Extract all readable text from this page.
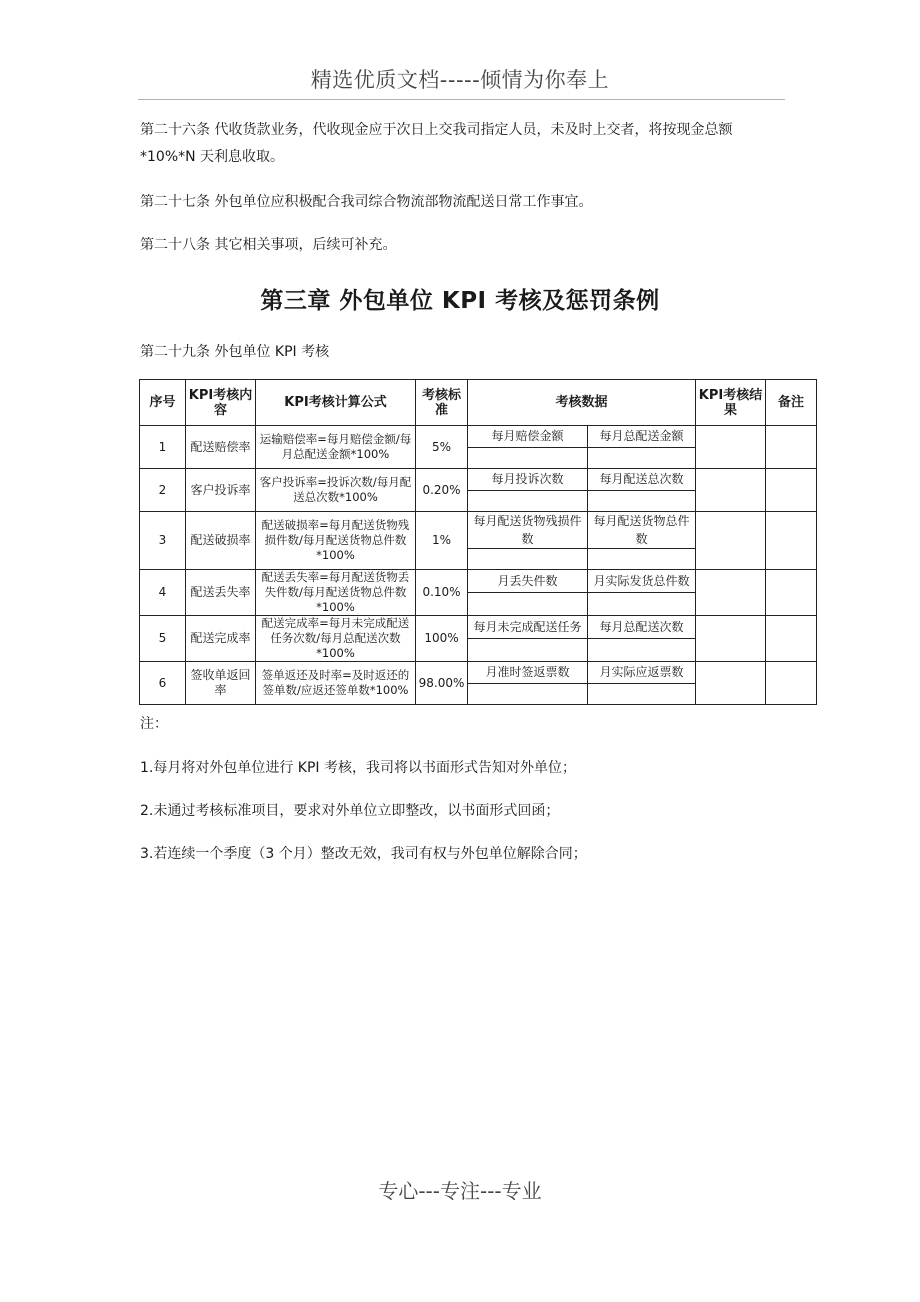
精选优质文档-----倾情为你奉上
第二十六条 代收货款业务，代收现金应于次日上交我司指定人员，未及时上交者，将按现金总额*10%*N 天利息收取。
第二十七条 外包单位应积极配合我司综合物流部物流配送日常工作事宜。
第二十八条 其它相关事项，后续可补充。
第三章 外包单位 KPI 考核及惩罚条例
第二十九条 外包单位 KPI 考核
序号	KPI考核内容	KPI考核计算公式	考核标准	考核数据		KPI考核结果	备注
1	配送赔偿率	运输赔偿率=每月赔偿金额/每月总配送金额*100%	5%	每月赔偿金额	每月总配送金额		

2	客户投诉率	客户投诉率=投诉次数/每月配送总次数*100%	0.20%	每月投诉次数	每月配送总次数		

3	配送破损率	配送破损率=每月配送货物残损件数/每月配送货物总件数*100%	1%	每月配送货物残损件数	每月配送货物总件数		

4	配送丢失率	配送丢失率=每月配送货物丢失件数/每月配送货物总件数*100%	0.10%	月丢失件数	月实际发货总件数		

5	配送完成率	配送完成率=每月未完成配送任务次数/每月总配送次数*100%	100%	每月未完成配送任务	每月总配送次数		

6	签收单返回率	签单返还及时率=及时返还的签单数/应返还签单数*100%	98.00%	月准时签返票数	月实际应返票数		

注：
1.每月将对外包单位进行 KPI 考核，我司将以书面形式告知对外单位；
2.未通过考核标准项目，要求对外单位立即整改，以书面形式回函；
3.若连续一个季度（3 个月）整改无效，我司有权与外包单位解除合同；
专心---专注---专业
